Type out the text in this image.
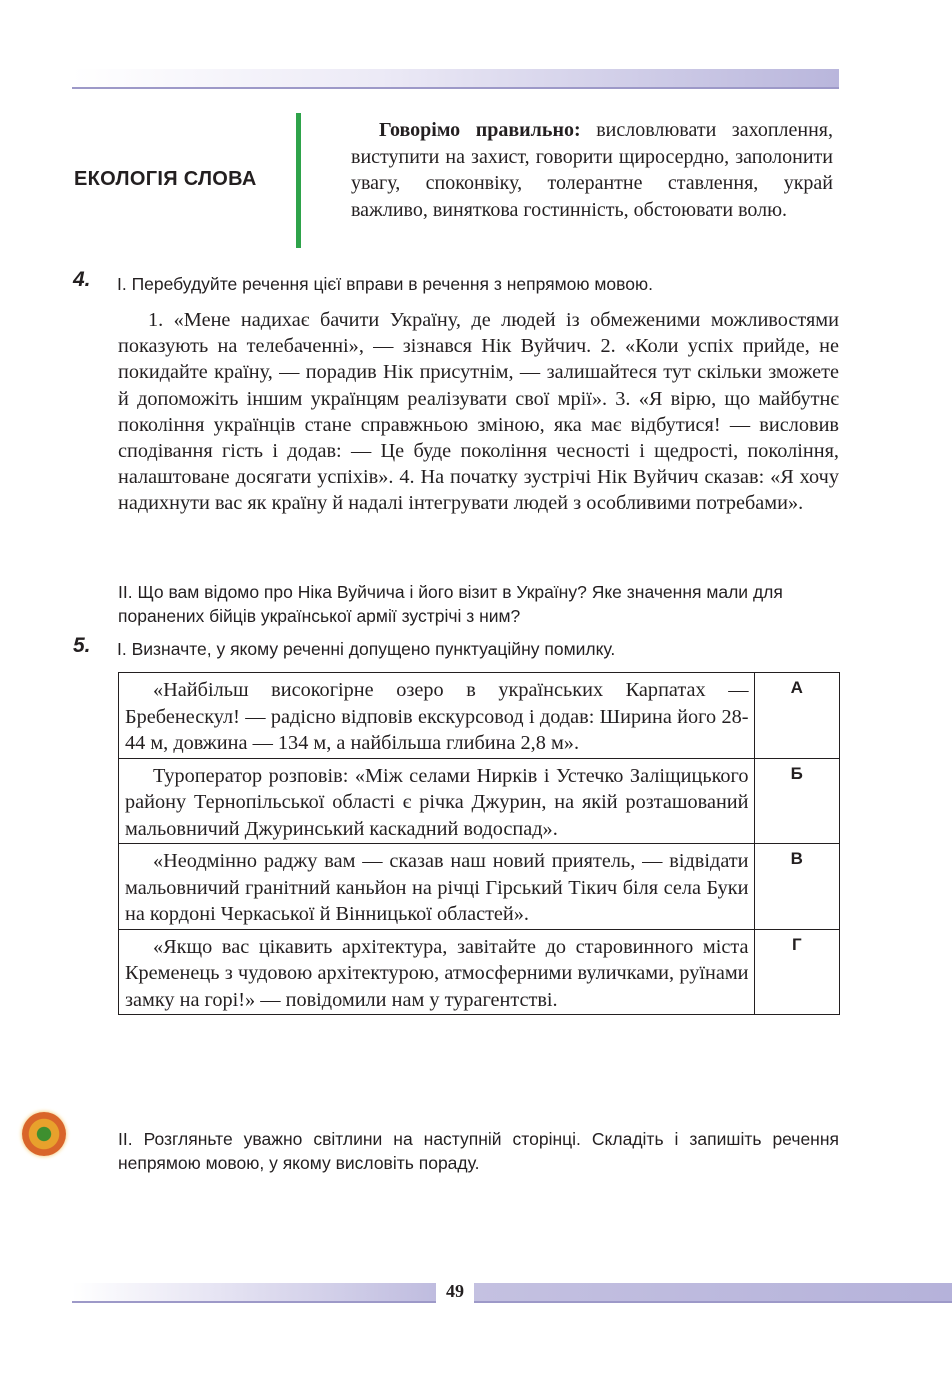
ЕКОЛОГІЯ СЛОВА
Говорімо правильно: висловлювати захоплення, виступити на захист, говорити щиросердно, заполонити увагу, споконвіку, толерантне ставлення, украй важливо, виняткова гостинність, обстоювати волю.
4. I. Перебудуйте речення цієї вправи в речення з непрямою мовою.
1. «Мене надихає бачити Україну, де людей із обмеженими можливостями показують на телебаченні», — зізнався Нік Вуйчич. 2. «Коли успіх прийде, не покидайте країну, — порадив Нік присутнім, — залишайтеся тут скільки зможете й допоможіть іншим українцям реалізувати свої мрії». 3. «Я вірю, що майбутнє покоління українців стане справжньою зміною, яка має відбутися! — висловив сподівання гість і додав: — Це буде покоління чесності і щедрості, покоління, налаштоване досягати успіхів». 4. На початку зустрічі Нік Вуйчич сказав: «Я хочу надихнути вас як країну й надалі інтегрувати людей з особливими потребами».
II. Що вам відомо про Ніка Вуйчича і його візит в Україну? Яке значення мали для поранених бійців української армії зустрічі з ним?
5. I. Визначте, у якому реченні допущено пунктуаційну помилку.
«Найбільш високогірне озеро в українських Карпатах — Бребенескул! — радісно відповів екскурсовод і додав: Ширина його 28-44 м, довжина — 134 м, а найбільша глибина 2,8 м».	А
Туроператор розповів: «Між селами Нирків і Устечко Заліщицького району Тернопільської області є річка Джурин, на якій розташований мальовничий Джуринський каскадний водоспад».	Б
«Неодмінно раджу вам — сказав наш новий приятель, — відвідати мальовничий гранітний каньйон на річці Гірський Тікич біля села Буки на кордоні Черкаської й Вінницької областей».	В
«Якщо вас цікавить архітектура, завітайте до старовинного міста Кременець з чудовою архітектурою, атмосферними вуличками, руїнами замку на горі!» — повідомили нам у турагентстві.	Г
II. Розгляньте уважно світлини на наступній сторінці. Складіть і запишіть речення непрямою мовою, у якому висловіть пораду.
49
